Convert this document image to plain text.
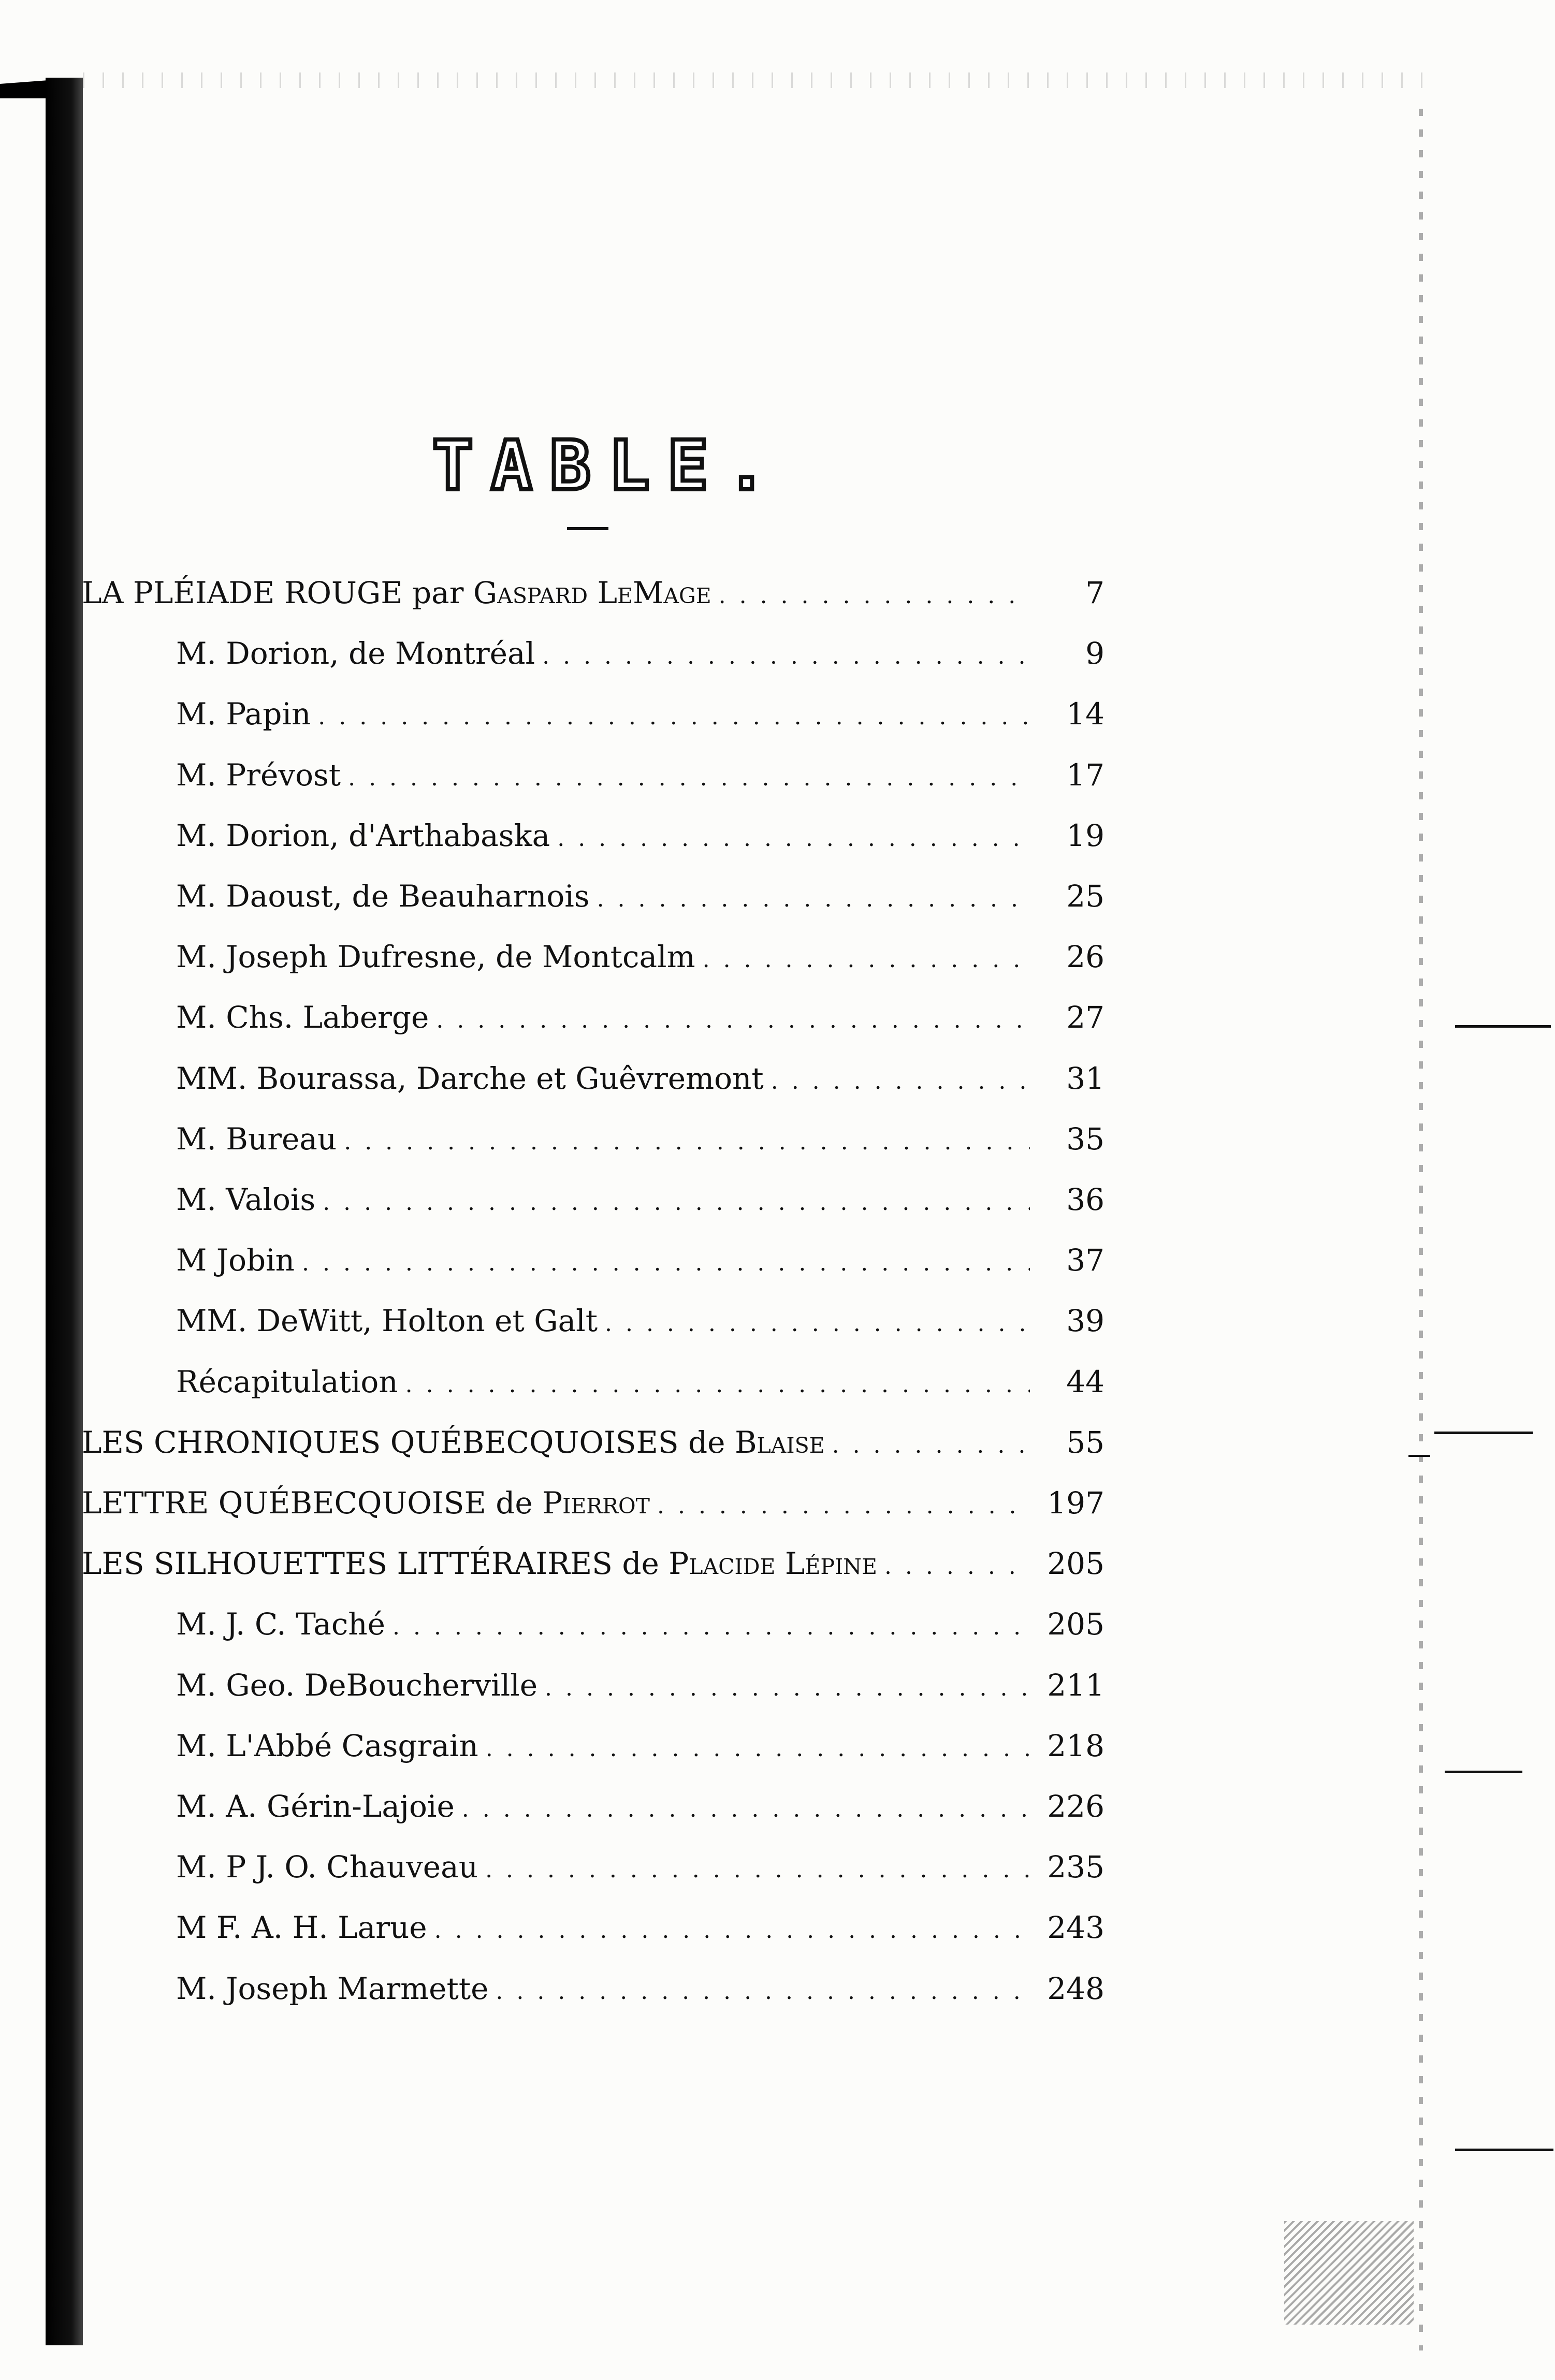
TABLE.
LA PLÉIADE ROUGE par Gaspard LeMage . . .	7
M. Dorion, de Montréal . . .	9
M. Papin . . .	14
M. Prévost . . .	17
M. Dorion, d'Arthabaska . . .	19
M. Daoust, de Beauharnois . . .	25
M. Joseph Dufresne, de Montcalm . . .	26
M. Chs. Laberge . . .	27
MM. Bourassa, Darche et Guêvremont . . .	31
M. Bureau . . .	35
M. Valois . . .	36
M Jobin . . .	37
MM. DeWitt, Holton et Galt . . .	39
Récapitulation . . .	44
LES CHRONIQUES QUÉBECQUOISES de Blaise . . .	55
LETTRE QUÉBECQUOISE de Pierrot . . .	197
LES SILHOUETTES LITTÉRAIRES de Placide Lépine . . .	205
M. J. C. Taché . . .	205
M. Geo. DeBoucherville . . .	211
M. L'Abbé Casgrain . . .	218
M. A. Gérin-Lajoie . . .	226
M. P J. O. Chauveau . . .	235
M F. A. H. Larue . . .	243
M. Joseph Marmette . . .	248
